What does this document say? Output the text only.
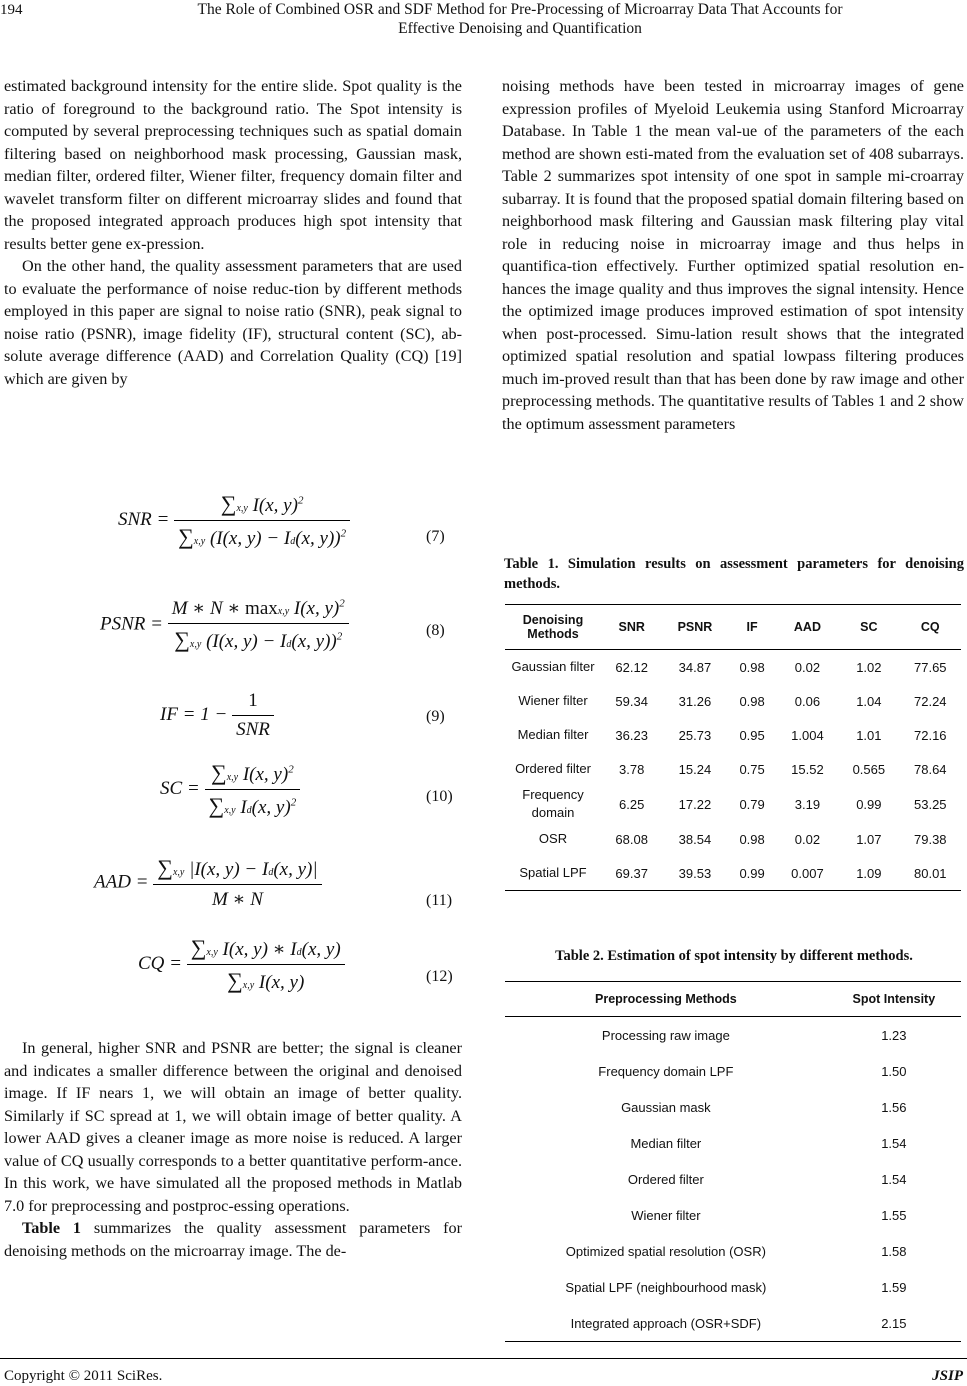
194	The Role of Combined OSR and SDF Method for Pre-Processing of Microarray Data That Accounts for
Effective Denoising and Quantification

estimated background intensity for the entire slide. Spot quality is the ratio of foreground to the background ratio. The Spot intensity is computed by several preprocessing techniques such as spatial domain filtering based on neighborhood mask processing, Gaussian mask, median filter, ordered filter, Wiener filter, frequency domain filter and wavelet transform filter on different microarray slides and found that the proposed integrated approach produces high spot intensity that results better gene ex-pression.

On the other hand, the quality assessment parameters that are used to evaluate the performance of noise reduc-tion by different methods employed in this paper are signal to noise ratio (SNR), peak signal to noise ratio (PSNR), image fidelity (IF), structural content (SC), ab-solute average difference (AAD) and Correlation Quality (CQ) [19] which are given by

SNR = $\frac{\sum x,y I(x, y)^2}{\sum x,y (I(x, y) - Id(x, y))^2}$	(7)
PSNR = $\frac{M ∗ N ∗ \max x,y I(x, y)^2}{\sum x,y (I(x, y) - Id(x, y))^2}$	(8)
IF = $1 - \frac{1}{\text{SNR}}$	(9)
SC = $\frac{\sum x,y I(x, y)^2}{\sum x,y Id(x, y)^2}$	(10)
AAD = $\frac{\sum x,y |I(x, y) - Id(x, y)|}{M ∗ N}$	(11)
CQ = $\frac{\text{∑x,y I(x, y) ∗ Id(x, y)}}{\text{∑x,y I(x, y)}}$	(12)

In general, higher SNR and PSNR are better; the signal is cleaner and indicates a smaller difference between the original and denoised image. If IF nears 1, we will obtain an image of better quality. Similarly if SC spread at 1, we will obtain image of better quality. A lower AAD gives a cleaner image as more noise is reduced. A larger value of CQ usually corresponds to a better quantitative perform-ance. In this work, we have simulated all the proposed methods in Matlab 7.0 for preprocessing and postproc-essing operations.

Table 1 summarizes the quality assessment parameters for denoising methods on the microarray image. The de-

noising methods have been tested in microarray images of gene expression profiles of Myeloid Leukemia using Stanford Microarray Database. In Table 1 the mean val-ue of the parameters of the each method are shown esti-mated from the evaluation set of 408 subarrays. Table 2 summarizes spot intensity of one spot in sample mi-croarray subarray. It is found that the proposed spatial domain filtering based on neighborhood mask filtering and Gaussian mask filtering play vital role in reducing noise in microarray image and thus helps in quantifica-tion effectively. Further optimized spatial resolution en-hances the image quality and thus improves the signal intensity. Hence the optimized image produces improved estimation of spot intensity when post-processed. Simu-lation result shows that the integrated optimized spatial resolution and spatial lowpass filtering produces much im-proved result than that has been done by raw image and other preprocessing methods. The quantitative results of Tables 1 and 2 show the optimum assessment parameters

Table 1. Simulation results on assessment parameters for denoising methods.
Denoising Methods	SNR	PSNR	IF	AAD	SC	CQ
Gaussian filter	62.12	34.87	0.98	0.02	1.02	77.65
Wiener filter	59.34	31.26	0.98	0.06	1.04	72.24
Median filter	36.23	25.73	0.95	1.004	1.01	72.16
Ordered filter	3.78	15.24	0.75	15.52	0.565	78.64
Frequency domain	6.25	17.22	0.79	3.19	0.99	53.25
OSR	68.08	38.54	0.98	0.02	1.07	79.38
Spatial LPF	69.37	39.53	0.99	0.007	1.09	80.01
Table 2. Estimation of spot intensity by different methods.
Preprocessing Methods	Spot Intensity
Processing raw image	1.23
Frequency domain LPF	1.50
Gaussian mask	1.56
Median filter	1.54
Ordered filter	1.54
Wiener filter	1.55
Optimized spatial resolution (OSR)	1.58
Spatial LPF (neighbourhood mask)	1.59
Integrated approach (OSR+SDF)	2.15
Copyright © 2011 SciRes.	JSIP
